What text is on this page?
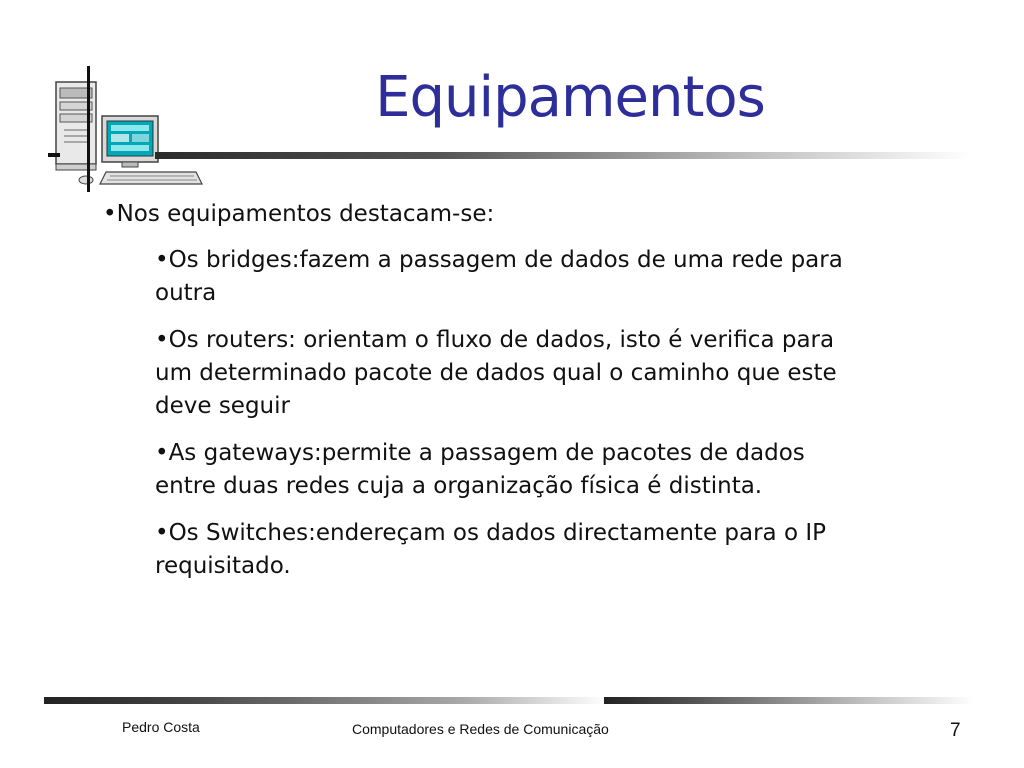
Equipamentos

•Nos equipamentos destacam-se:

•Os bridges:fazem a passagem de dados de uma rede para outra

•Os routers: orientam o fluxo de dados, isto é verifica para um determinado pacote de dados qual o caminho que este deve seguir

•As gateways:permite a passagem de pacotes de dados entre duas redes cuja a organização física é distinta.

•Os Switches:endereçam os dados directamente para o IP requisitado.

Pedro Costa	Computadores e Redes de Comunicação	7
